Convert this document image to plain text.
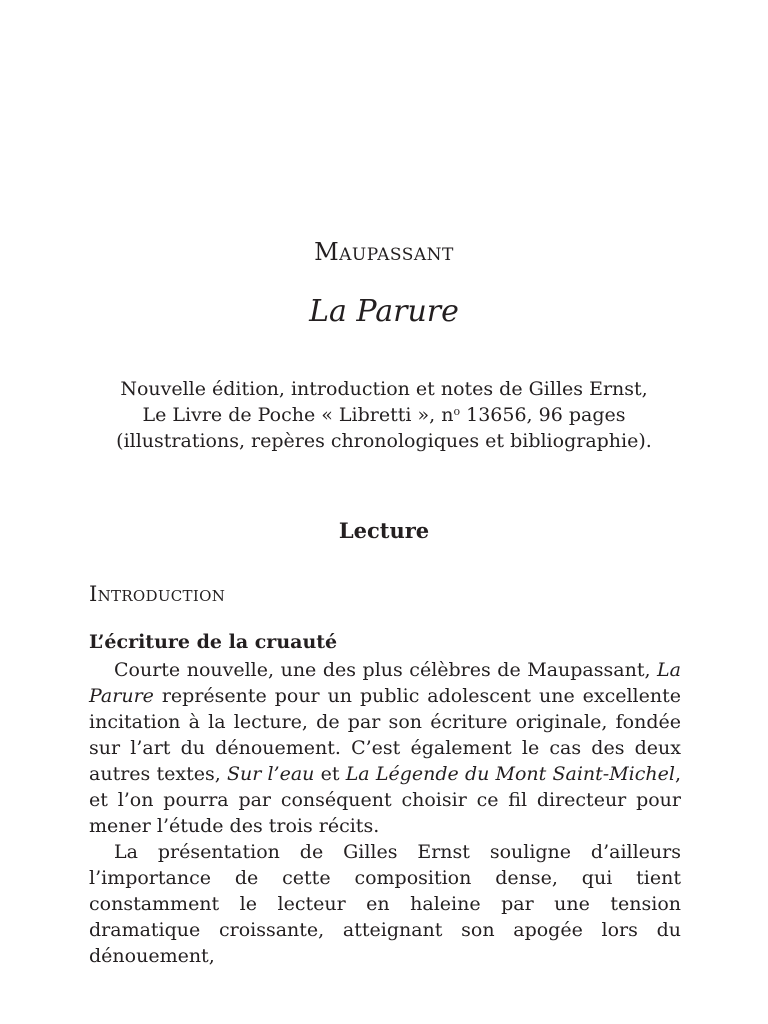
Maupassant
La Parure
Nouvelle édition, introduction et notes de Gilles Ernst,
Le Livre de Poche « Libretti », $n^o$ 13656, 96 pages
(illustrations, repères chronologiques et bibliographie).
Lecture
Introduction
L’écriture de la cruauté

Courte nouvelle, une des plus célèbres de Maupassant, La Parure représente pour un public adolescent une excellente incitation à la lecture, de par son écriture originale, fondée sur l’art du dénouement. C’est également le cas des deux autres textes, Sur l’eau et La Légende du Mont Saint-Michel, et l’on pourra par conséquent choisir ce fil directeur pour mener l’étude des trois récits.

La présentation de Gilles Ernst souligne d’ailleurs l’importance de cette composition dense, qui tient constamment le lecteur en haleine par une tension dramatique croissante, atteignant son apogée lors du dénouement,
